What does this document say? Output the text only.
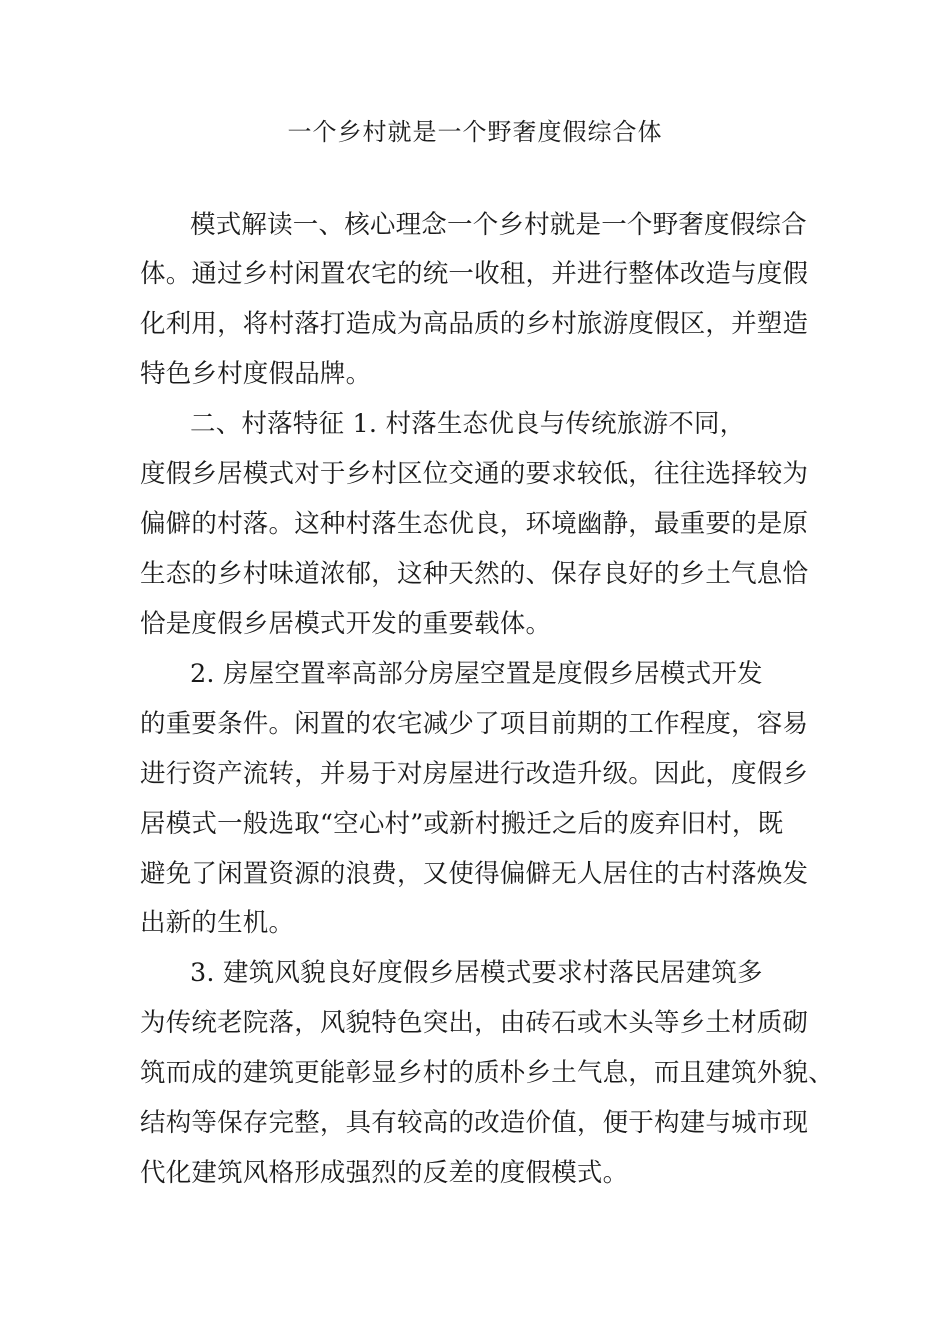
一个乡村就是一个野奢度假综合体
模式解读一、核心理念一个乡村就是一个野奢度假综合
体。通过乡村闲置农宅的统一收租，并进行整体改造与度假
化利用，将村落打造成为高品质的乡村旅游度假区，并塑造
特色乡村度假品牌。
二、村落特征 1. 村落生态优良与传统旅游不同，
度假乡居模式对于乡村区位交通的要求较低，往往选择较为
偏僻的村落。这种村落生态优良，环境幽静，最重要的是原
生态的乡村味道浓郁，这种天然的、保存良好的乡土气息恰
恰是度假乡居模式开发的重要载体。
2. 房屋空置率高部分房屋空置是度假乡居模式开发
的重要条件。闲置的农宅减少了项目前期的工作程度，容易
进行资产流转，并易于对房屋进行改造升级。因此，度假乡
居模式一般选取“空心村”或新村搬迁之后的废弃旧村，既
避免了闲置资源的浪费，又使得偏僻无人居住的古村落焕发
出新的生机。
3. 建筑风貌良好度假乡居模式要求村落民居建筑多
为传统老院落，风貌特色突出，由砖石或木头等乡土材质砌
筑而成的建筑更能彰显乡村的质朴乡土气息，而且建筑外貌、
结构等保存完整，具有较高的改造价值，便于构建与城市现
代化建筑风格形成强烈的反差的度假模式。
